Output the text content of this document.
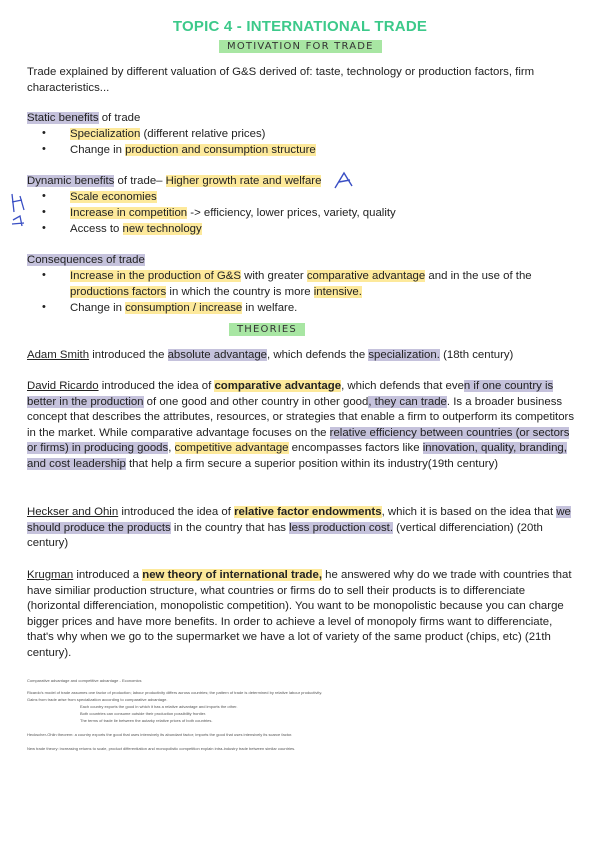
TOPIC 4 - INTERNATIONAL TRADE
MOTIVATION FOR TRADE
Trade explained by different valuation of G&S derived of: taste, technology or production factors, firm characteristics...
Static benefits of trade
• Specialization (different relative prices)
• Change in production and consumption structure
Dynamic benefits of trade– Higher growth rate and welfare
• Scale economies
• Increase in competition -> efficiency, lower prices, variety, quality
• Access to new technology
Consequences of trade
• Increase in the production of G&S with greater comparative advantage and in the use of the productions factors in which the country is more intensive.
• Change in consumption / increase in welfare.
THEORIES
Adam Smith introduced the absolute advantage, which defends the specialization. (18th century)
David Ricardo introduced the idea of comparative advantage, which defends that even if one country is better in the production of one good and other country in other good, they can trade. Is a broader business concept that describes the attributes, resources, or strategies that enable a firm to outperform its competitors in the market. While comparative advantage focuses on the relative efficiency between countries (or sectors or firms) in producing goods, competitive advantage encompasses factors like innovation, quality, branding, and cost leadership that help a firm secure a superior position within its industry(19th century)
Heckser and Ohin introduced the idea of relative factor endowments, which it is based on the idea that we should produce the products in the country that has less production cost. (vertical differenciation) (20th century)
Krugman introduced a new theory of international trade, he answered why do we trade with countries that have similiar production structure, what countries or firms do to sell their products is to differenciate (horizontal differenciation, monopolistic competition). You want to be monopolistic because you can charge bigger prices and have more benefits. In order to achieve a level of monopoly firms want to differenciate, that's why when we go to the supermarket we have a lot of variety of the same product (chips, etc) (21th century).
Comparative advantage and competitive advantage - Economics
Ricardo's model of trade assumes one factor of production; labour productivity differs across countries; the pattern of trade is determined by relative labour productivity.
Gains from trade arise from specialization according to comparative advantage.
Each country exports the good in which it has a relative advantage and imports the other.
Both countries can consume outside their production possibility frontier.
The terms of trade lie between the autarky relative prices of both countries.
Heckscher-Ohlin theorem: a country exports the good that uses intensively its abundant factor; imports the good that uses intensively its scarce factor.
New trade theory: increasing returns to scale, product differentiation and monopolistic competition explain intra-industry trade between similar countries.
